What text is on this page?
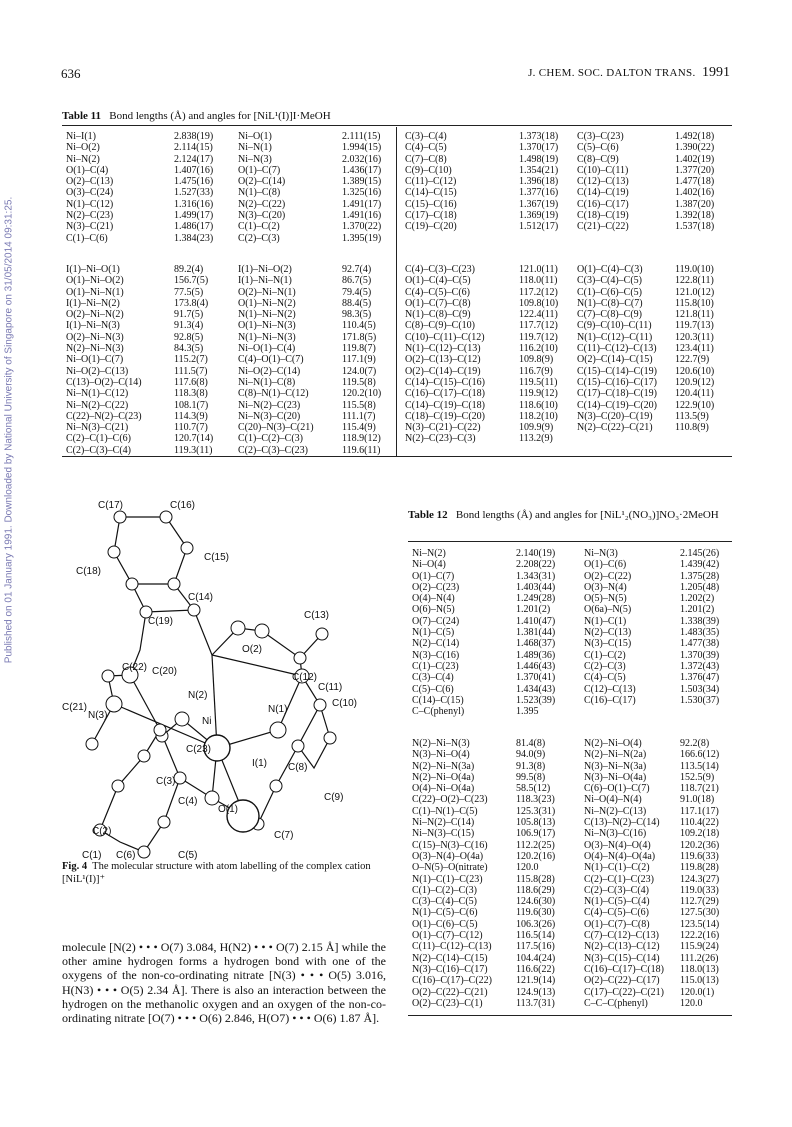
636	J. CHEM. SOC. DALTON TRANS. 1991
Published on 01 January 1991. Downloaded by National University of Singapore on 31/05/2014 09:31:25.
Table 11 Bond lengths (Å) and angles for [NiL¹(I)]I·MeOH
Ni–I(1)	2.838(19)	Ni–O(1)	2.111(15)
Ni–O(2)	2.114(15)	Ni–N(1)	1.994(15)
Ni–N(2)	2.124(17)	Ni–N(3)	2.032(16)
O(1)–C(4)	1.407(16)	O(1)–C(7)	1.436(17)
O(2)–C(13)	1.475(16)	O(2)–C(14)	1.389(15)
O(3)–C(24)	1.527(33)	N(1)–C(8)	1.325(16)
N(1)–C(12)	1.316(16)	N(2)–C(22)	1.491(17)
N(2)–C(23)	1.499(17)	N(3)–C(20)	1.491(16)
N(3)–C(21)	1.486(17)	C(1)–C(2)	1.370(22)
C(1)–C(6)	1.384(23)	C(2)–C(3)	1.395(19)
C(3)–C(4)	1.373(18)	C(3)–C(23)	1.492(18)
C(4)–C(5)	1.370(17)	C(5)–C(6)	1.390(22)
C(7)–C(8)	1.498(19)	C(8)–C(9)	1.402(19)
C(9)–C(10)	1.354(21)	C(10)–C(11)	1.377(20)
C(11)–C(12)	1.396(18)	C(12)–C(13)	1.477(18)
C(14)–C(15)	1.377(16)	C(14)–C(19)	1.402(16)
C(15)–C(16)	1.367(19)	C(16)–C(17)	1.387(20)
C(17)–C(18)	1.369(19)	C(18)–C(19)	1.392(18)
C(19)–C(20)	1.512(17)	C(21)–C(22)	1.537(18)

I(1)–Ni–O(1)	89.2(4)	I(1)–Ni–O(2)	92.7(4)
O(1)–Ni–O(2)	156.7(5)	I(1)–Ni–N(1)	86.7(5)
O(1)–Ni–N(1)	77.5(5)	O(2)–Ni–N(1)	79.4(5)
I(1)–Ni–N(2)	173.8(4)	O(1)–Ni–N(2)	88.4(5)
O(2)–Ni–N(2)	91.7(5)	N(1)–Ni–N(2)	98.3(5)
I(1)–Ni–N(3)	91.3(4)	O(1)–Ni–N(3)	110.4(5)
O(2)–Ni–N(3)	92.8(5)	N(1)–Ni–N(3)	171.8(5)
N(2)–Ni–N(3)	84.3(5)	Ni–O(1)–C(4)	119.8(7)
Ni–O(1)–C(7)	115.2(7)	C(4)–O(1)–C(7)	117.1(9)
Ni–O(2)–C(13)	111.5(7)	Ni–O(2)–C(14)	124.0(7)
C(13)–O(2)–C(14)	117.6(8)	Ni–N(1)–C(8)	119.5(8)
Ni–N(1)–C(12)	118.3(8)	C(8)–N(1)–C(12)	120.2(10)
Ni–N(2)–C(22)	108.1(7)	Ni–N(2)–C(23)	115.5(8)
C(22)–N(2)–C(23)	114.3(9)	Ni–N(3)–C(20)	111.1(7)
Ni–N(3)–C(21)	110.7(7)	C(20)–N(3)–C(21)	115.4(9)
C(2)–C(1)–C(6)	120.7(14)	C(1)–C(2)–C(3)	118.9(12)
C(2)–C(3)–C(4)	119.3(11)	C(2)–C(3)–C(23)	119.6(11)
C(4)–C(3)–C(23)	121.0(11)	O(1)–C(4)–C(3)	119.0(10)
O(1)–C(4)–C(5)	118.0(11)	C(3)–C(4)–C(5)	122.8(11)
C(4)–C(5)–C(6)	117.2(12)	C(1)–C(6)–C(5)	121.0(12)
O(1)–C(7)–C(8)	109.8(10)	N(1)–C(8)–C(7)	115.8(10)
N(1)–C(8)–C(9)	122.4(11)	C(7)–C(8)–C(9)	121.8(11)
C(8)–C(9)–C(10)	117.7(12)	C(9)–C(10)–C(11)	119.7(13)
C(10)–C(11)–C(12)	119.7(12)	N(1)–C(12)–C(11)	120.3(11)
N(1)–C(12)–C(13)	116.2(10)	C(11)–C(12)–C(13)	123.4(11)
O(2)–C(13)–C(12)	109.8(9)	O(2)–C(14)–C(15)	122.7(9)
O(2)–C(14)–C(19)	116.7(9)	C(15)–C(14)–C(19)	120.6(10)
C(14)–C(15)–C(16)	119.5(11)	C(15)–C(16)–C(17)	120.9(12)
C(16)–C(17)–C(18)	119.9(12)	C(17)–C(18)–C(19)	120.4(11)
C(14)–C(19)–C(18)	118.6(10)	C(14)–C(19)–C(20)	122.9(10)
C(18)–C(19)–C(20)	118.2(10)	N(3)–C(20)–C(19)	113.5(9)
N(3)–C(21)–C(22)	109.9(9)	N(2)–C(22)–C(21)	110.8(9)
N(2)–C(23)–C(3)	113.2(9)		

C(17)	C(16)
C(15)
C(18)
C(14)
C(19)
C(13)
O(2)
C(22) C(20)
C(12)
C(11)
C(21)
N(2)
Ni
N(1)
C(10)
N(3)
C(23)
I(1) C(8)
C(3)
O(1)
C(9)
C(2)
C(4)
C(7)
C(1)	C(5)
C(6)
Fig. 4 The molecular structure with atom labelling of the complex cation [NiL¹(I)]⁺
molecule [N(2) • • • O(7) 3.084, H(N2) • • • O(7) 2.15 Å] while the other amine hydrogen forms a hydrogen bond with one of the oxygens of the non-co-ordinating nitrate [N(3) • • • O(5) 3.016, H(N3) • • • O(5) 2.34 Å]. There is also an interaction between the hydrogen on the methanolic oxygen and an oxygen of the non-co-ordinating nitrate [O(7) • • • O(6) 2.846, H(O7) • • • O(6) 1.87 Å].
Table 12 Bond lengths (Å) and angles for [NiL¹₂(NO₃)]NO₃·2MeOH
Ni–N(2)	2.140(19)	Ni–N(3)	2.145(26)
Ni–O(4)	2.208(22)	O(1)–C(6)	1.439(42)
O(1)–C(7)	1.343(31)	O(2)–C(22)	1.375(28)
O(2)–C(23)	1.403(44)	O(3)–N(4)	1.205(48)
O(4)–N(4)	1.249(28)	O(5)–N(5)	1.202(2)
O(6)–N(5)	1.201(2)	O(6a)–N(5)	1.201(2)
O(7)–C(24)	1.410(47)	N(1)–C(1)	1.338(39)
N(1)–C(5)	1.381(44)	N(2)–C(13)	1.483(35)
N(2)–C(14)	1.468(37)	N(3)–C(15)	1.477(38)
N(3)–C(16)	1.489(36)	C(1)–C(2)	1.370(39)
C(1)–C(23)	1.446(43)	C(2)–C(3)	1.372(43)
C(3)–C(4)	1.370(41)	C(4)–C(5)	1.376(47)
C(5)–C(6)	1.434(43)	C(12)–C(13)	1.503(34)
C(14)–C(15)	1.523(39)	C(16)–C(17)	1.530(37)
C–C(phenyl)	1.395		
N(2)–Ni–N(3)	81.4(8)	N(2)–Ni–O(4)	92.2(8)
N(3)–Ni–O(4)	94.0(9)	N(2)–Ni–N(2a)	166.6(12)
N(2)–Ni–N(3a)	91.3(8)	N(3)–Ni–N(3a)	113.5(14)
N(2)–Ni–O(4a)	99.5(8)	N(3)–Ni–O(4a)	152.5(9)
O(4)–Ni–O(4a)	58.5(12)	C(6)–O(1)–C(7)	118.7(21)
C(22)–O(2)–C(23)	118.3(23)	Ni–O(4)–N(4)	91.0(18)
C(1)–N(1)–C(5)	125.3(31)	Ni–N(2)–C(13)	117.1(17)
Ni–N(2)–C(14)	105.8(13)	C(13)–N(2)–C(14)	110.4(22)
Ni–N(3)–C(15)	106.9(17)	Ni–N(3)–C(16)	109.2(18)
C(15)–N(3)–C(16)	112.2(25)	O(3)–N(4)–O(4)	120.2(36)
O(3)–N(4)–O(4a)	120.2(16)	O(4)–N(4)–O(4a)	119.6(33)
O–N(5)–O(nitrate)	120.0	N(1)–C(1)–C(2)	119.8(28)
N(1)–C(1)–C(23)	115.8(28)	C(2)–C(1)–C(23)	124.3(27)
C(1)–C(2)–C(3)	118.6(29)	C(2)–C(3)–C(4)	119.0(33)
C(3)–C(4)–C(5)	124.6(30)	N(1)–C(5)–C(4)	112.7(29)
N(1)–C(5)–C(6)	119.6(30)	C(4)–C(5)–C(6)	127.5(30)
O(1)–C(6)–C(5)	106.3(26)	O(1)–C(7)–C(8)	123.5(14)
O(1)–C(7)–C(12)	116.5(14)	C(7)–C(12)–C(13)	122.2(16)
C(11)–C(12)–C(13)	117.5(16)	N(2)–C(13)–C(12)	115.9(24)
N(2)–C(14)–C(15)	104.4(24)	N(3)–C(15)–C(14)	111.2(26)
N(3)–C(16)–C(17)	116.6(22)	C(16)–C(17)–C(18)	118.0(13)
C(16)–C(17)–C(22)	121.9(14)	O(2)–C(22)–C(17)	115.0(13)
O(2)–C(22)–C(21)	124.9(13)	C(17)–C(22)–C(21)	120.0(1)
O(2)–C(23)–C(1)	113.7(31)	C–C–C(phenyl)	120.0
